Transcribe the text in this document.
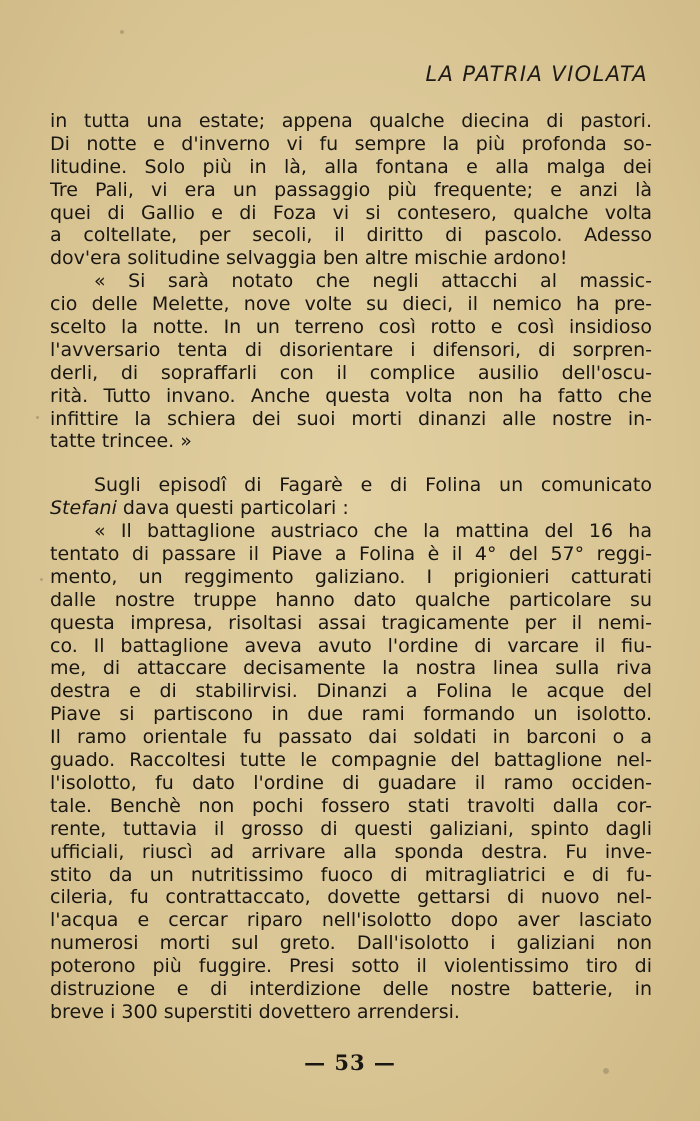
LA PATRIA VIOLATA
in tutta una estate; appena qualche diecina di pastori.
Di notte e d'inverno vi fu sempre la più profonda so-
litudine. Solo più in là, alla fontana e alla malga dei
Tre Pali, vi era un passaggio più frequente; e anzi là
quei di Gallio e di Foza vi si contesero, qualche volta
a coltellate, per secoli, il diritto di pascolo. Adesso
dov'era solitudine selvaggia ben altre mischie ardono!
« Si sarà notato che negli attacchi al massic-
cio delle Melette, nove volte su dieci, il nemico ha pre-
scelto la notte. In un terreno così rotto e così insidioso
l'avversario tenta di disorientare i difensori, di sorpren-
derli, di sopraffarli con il complice ausilio dell'oscu-
rità. Tutto invano. Anche questa volta non ha fatto che
infittire la schiera dei suoi morti dinanzi alle nostre in-
tatte trincee. »
Sugli episodî di Fagarè e di Folina un comunicato
Stefani dava questi particolari :
« Il battaglione austriaco che la mattina del 16 ha
tentato di passare il Piave a Folina è il 4° del 57° reggi-
mento, un reggimento galiziano. I prigionieri catturati
dalle nostre truppe hanno dato qualche particolare su
questa impresa, risoltasi assai tragicamente per il nemi-
co. Il battaglione aveva avuto l'ordine di varcare il fiu-
me, di attaccare decisamente la nostra linea sulla riva
destra e di stabilirvisi. Dinanzi a Folina le acque del
Piave si partiscono in due rami formando un isolotto.
Il ramo orientale fu passato dai soldati in barconi o a
guado. Raccoltesi tutte le compagnie del battaglione nel-
l'isolotto, fu dato l'ordine di guadare il ramo occiden-
tale. Benchè non pochi fossero stati travolti dalla cor-
rente, tuttavia il grosso di questi galiziani, spinto dagli
ufficiali, riuscì ad arrivare alla sponda destra. Fu inve-
stito da un nutritissimo fuoco di mitragliatrici e di fu-
cileria, fu contrattaccato, dovette gettarsi di nuovo nel-
l'acqua e cercar riparo nell'isolotto dopo aver lasciato
numerosi morti sul greto. Dall'isolotto i galiziani non
poterono più fuggire. Presi sotto il violentissimo tiro di
distruzione e di interdizione delle nostre batterie, in
breve i 300 superstiti dovettero arrendersi.
— 53 —
